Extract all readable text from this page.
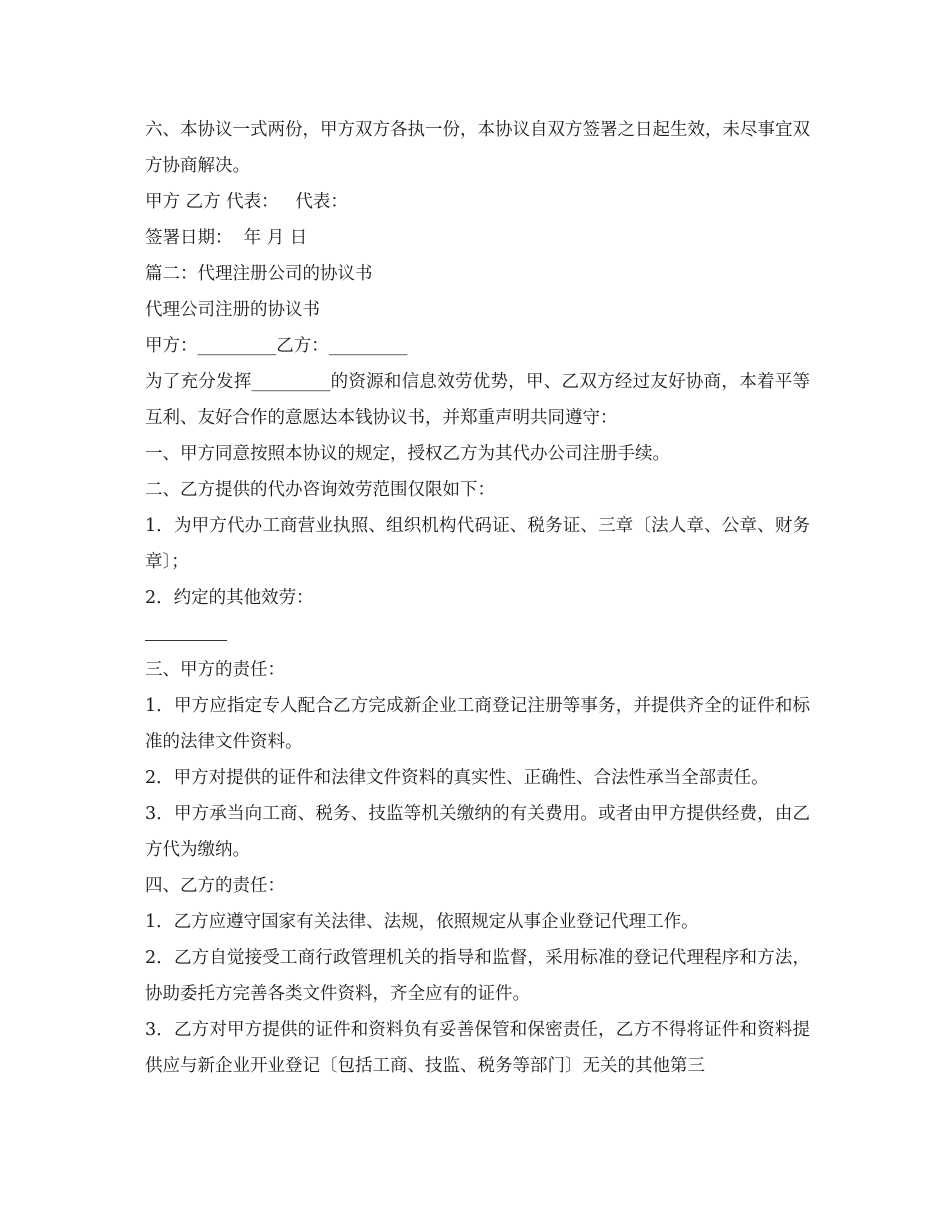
六、本协议一式两份，甲方双方各执一份，本协议自双方签署之日起生效，未尽事宜双方协商解决。

甲方 乙方 代表：   代表：

签署日期：  年 月 日

篇二：代理注册公司的协议书

代理公司注册的协议书

甲方：_________乙方：_________

为了充分发挥_________的资源和信息效劳优势，甲、乙双方经过友好协商，本着平等互利、友好合作的意愿达本钱协议书，并郑重声明共同遵守：

一、甲方同意按照本协议的规定，授权乙方为其代办公司注册手续。

二、乙方提供的代办咨询效劳范围仅限如下：

1．为甲方代办工商营业执照、组织机构代码证、税务证、三章〔法人章、公章、财务章〕；

2．约定的其他效劳：

三、甲方的责任：

1．甲方应指定专人配合乙方完成新企业工商登记注册等事务，并提供齐全的证件和标准的法律文件资料。

2．甲方对提供的证件和法律文件资料的真实性、正确性、合法性承当全部责任。

3．甲方承当向工商、税务、技监等机关缴纳的有关费用。或者由甲方提供经费，由乙方代为缴纳。

四、乙方的责任：

1．乙方应遵守国家有关法律、法规，依照规定从事企业登记代理工作。

2．乙方自觉接受工商行政管理机关的指导和监督，采用标准的登记代理程序和方法，协助委托方完善各类文件资料，齐全应有的证件。

3．乙方对甲方提供的证件和资料负有妥善保管和保密责任，乙方不得将证件和资料提供应与新企业开业登记〔包括工商、技监、税务等部门〕无关的其他第三
